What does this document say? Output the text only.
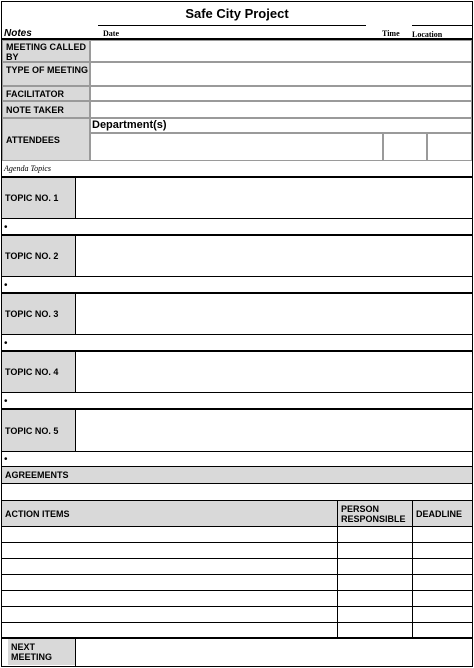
Safe City Project
Notes	Date	Time Location
MEETING CALLED BY
TYPE OF MEETING
FACILITATOR
NOTE TAKER
ATTENDEES
Department(s)
Agenda Topics
TOPIC NO. 1
•
TOPIC NO. 2
•
TOPIC NO. 3
•
TOPIC NO. 4
•
TOPIC NO. 5
•
AGREEMENTS
ACTION ITEMS	PERSON RESPONSIBLE	DEADLINE
NEXT MEETING
